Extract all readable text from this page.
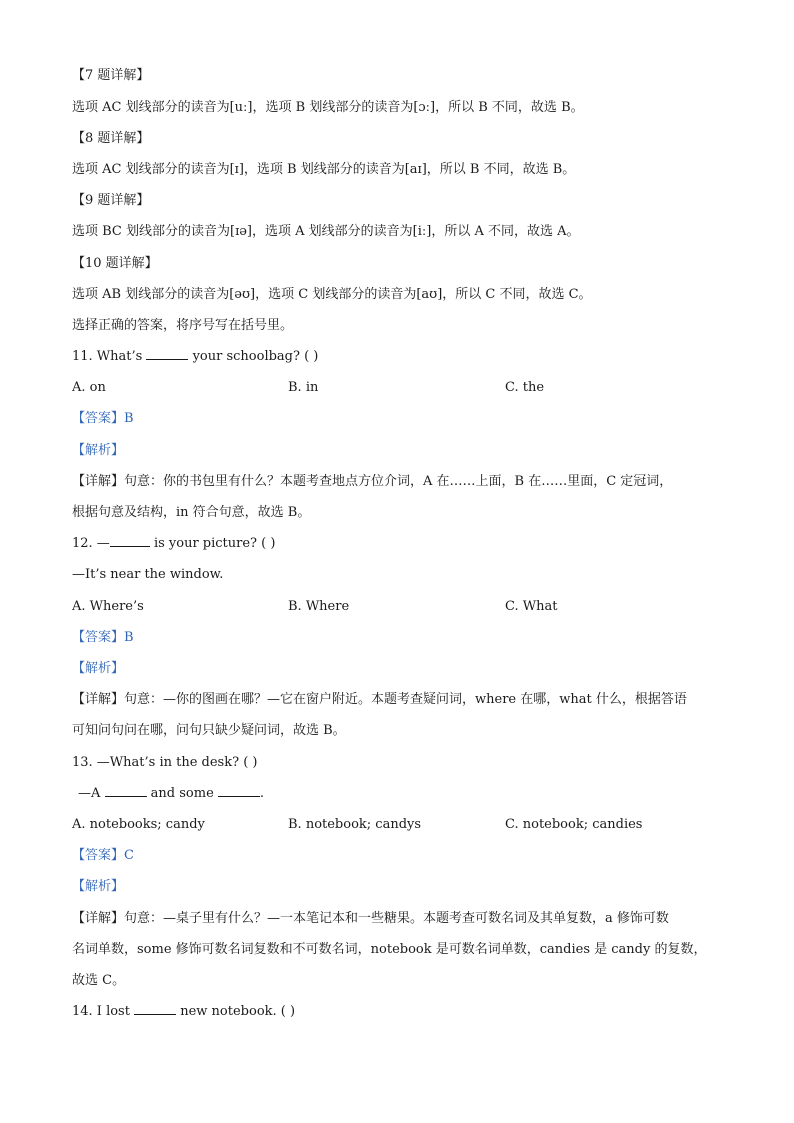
【7 题详解】
选项 AC 划线部分的读音为[uː]，选项 B 划线部分的读音为[ɔː]，所以 B 不同，故选 B。
【8 题详解】
选项 AC 划线部分的读音为[ɪ]，选项 B 划线部分的读音为[aɪ]，所以 B 不同，故选 B。
【9 题详解】
选项 BC 划线部分的读音为[ɪə]，选项 A 划线部分的读音为[iː]，所以 A 不同，故选 A。
【10 题详解】
选项 AB 划线部分的读音为[əʊ]，选项 C 划线部分的读音为[aʊ]，所以 C 不同，故选 C。
选择正确的答案，将序号写在括号里。
11. What’s	your schoolbag? ( )
A. on	B. in	C. the
【答案】B
【解析】
【详解】句意：你的书包里有什么？本题考查地点方位介词，A 在……上面，B 在……里面，C 定冠词，
根据句意及结构，in 符合句意，故选 B。
12. —	is your picture? ( )
—It’s near the window.
A. Where’s	B. Where	C. What
【答案】B
【解析】
【详解】句意：—你的图画在哪？—它在窗户附近。本题考查疑问词，where 在哪，what 什么，根据答语
可知问句问在哪，问句只缺少疑问词，故选 B。
13. —What’s in the desk? ( )
—A	and some	.
A. notebooks; candy	B. notebook; candys	C. notebook; candies
【答案】C
【解析】
【详解】句意：—桌子里有什么？—一本笔记本和一些糖果。本题考查可数名词及其单复数，a 修饰可数
名词单数，some 修饰可数名词复数和不可数名词，notebook 是可数名词单数，candies 是 candy 的复数，
故选 C。
14. I lost	new notebook. ( )
